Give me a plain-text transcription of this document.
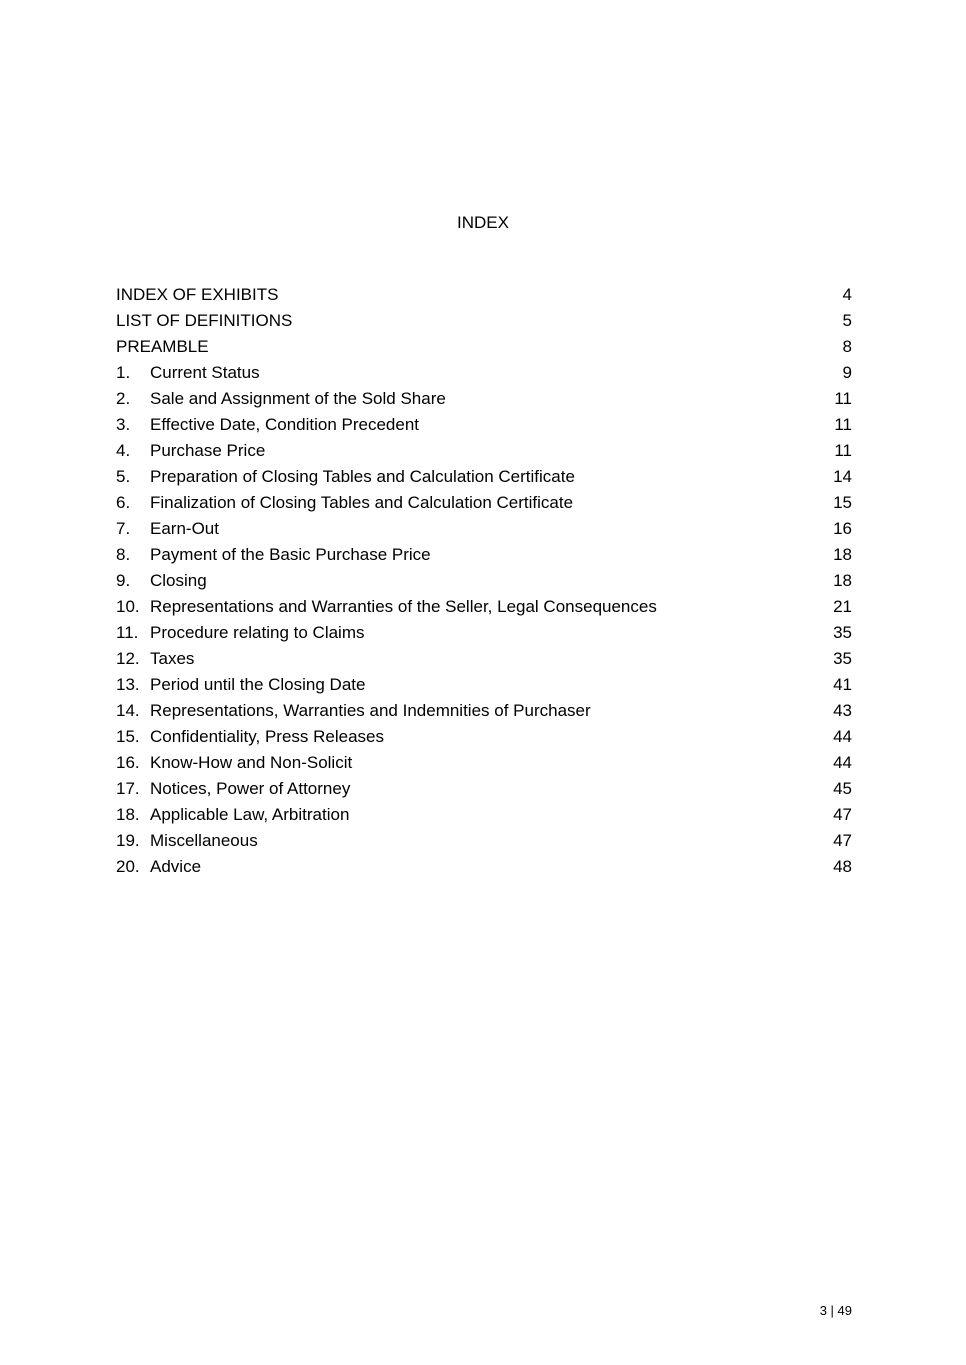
INDEX
INDEX OF EXHIBITS	4
LIST OF DEFINITIONS	5
PREAMBLE	8
1.	Current Status	9
2.	Sale and Assignment of the Sold Share	11
3.	Effective Date, Condition Precedent	11
4.	Purchase Price	11
5.	Preparation of Closing Tables and Calculation Certificate	14
6.	Finalization of Closing Tables and Calculation Certificate	15
7.	Earn-Out	16
8.	Payment of the Basic Purchase Price	18
9.	Closing	18
10. Representations and Warranties of the Seller, Legal Consequences	21
11. Procedure relating to Claims	35
12. Taxes	35
13. Period until the Closing Date	41
14. Representations, Warranties and Indemnities of Purchaser	43
15. Confidentiality, Press Releases	44
16. Know-How and Non-Solicit	44
17. Notices, Power of Attorney	45
18. Applicable Law, Arbitration	47
19. Miscellaneous	47
20. Advice	48
3 | 49
